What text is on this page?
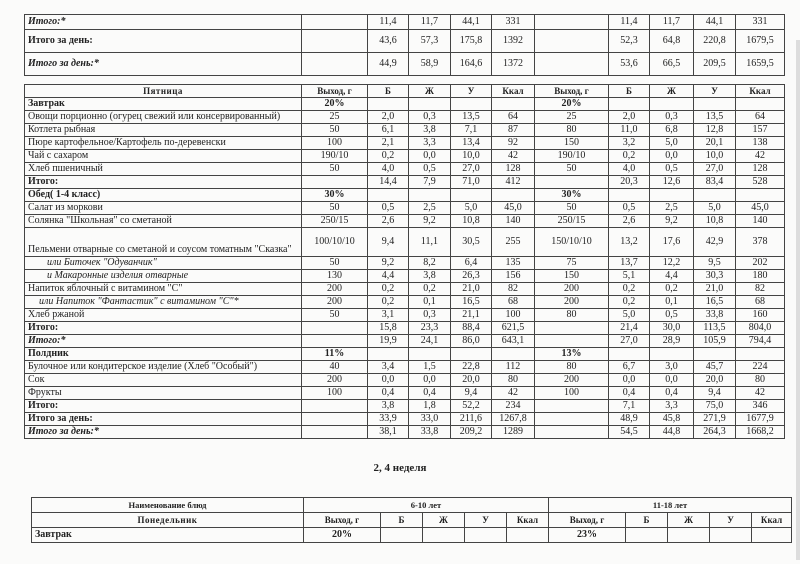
Итого:*		11,4	11,7	44,1	331		11,4	11,7	44,1	331
Итого за день:		43,6	57,3	175,8	1392		52,3	64,8	220,8	1679,5
Итого за день:*		44,9	58,9	164,6	1372		53,6	66,5	209,5	1659,5
Пятница	Выход, г	Б	Ж	У	Ккал	Выход, г	Б	Ж	У	Ккал
Завтрак	20%					20%				
Овощи порционно (огурец свежий или консервированный)	25	2,0	0,3	13,5	64	25	2,0	0,3	13,5	64
Котлета рыбная	50	6,1	3,8	7,1	87	80	11,0	6,8	12,8	157
Пюре картофельное/Картофель по-деревенски	100	2,1	3,3	13,4	92	150	3,2	5,0	20,1	138
Чай с сахаром	190/10	0,2	0,0	10,0	42	190/10	0,2	0,0	10,0	42
Хлеб пшеничный	50	4,0	0,5	27,0	128	50	4,0	0,5	27,0	128
Итого:		14,4	7,9	71,0	412		20,3	12,6	83,4	528
Обед( 1-4 класс)	30%					30%				
Салат из моркови	50	0,5	2,5	5,0	45,0	50	0,5	2,5	5,0	45,0
Солянка "Школьная" со сметаной	250/15	2,6	9,2	10,8	140	250/15	2,6	9,2	10,8	140
Пельмени отварные со сметаной и соусом томатным "Сказка"	100/10/10	9,4	11,1	30,5	255	150/10/10	13,2	17,6	42,9	378
или Биточек "Одуванчик"	50	9,2	8,2	6,4	135	75	13,7	12,2	9,5	202
и Макаронные изделия отварные	130	4,4	3,8	26,3	156	150	5,1	4,4	30,3	180
Напиток яблочный с витамином "С"	200	0,2	0,2	21,0	82	200	0,2	0,2	21,0	82
или Напиток "Фантастик" с витамином "С"*	200	0,2	0,1	16,5	68	200	0,2	0,1	16,5	68
Хлеб ржаной	50	3,1	0,3	21,1	100	80	5,0	0,5	33,8	160
Итого:		15,8	23,3	88,4	621,5		21,4	30,0	113,5	804,0
Итого:*		19,9	24,1	86,0	643,1		27,0	28,9	105,9	794,4
Полдник	11%					13%				
Булочное или кондитерское изделие (Хлеб "Особый")	40	3,4	1,5	22,8	112	80	6,7	3,0	45,7	224
Сок	200	0,0	0,0	20,0	80	200	0,0	0,0	20,0	80
Фрукты	100	0,4	0,4	9,4	42	100	0,4	0,4	9,4	42
Итого:		3,8	1,8	52,2	234		7,1	3,3	75,0	346
Итого за день:		33,9	33,0	211,6	1267,8		48,9	45,8	271,9	1677,9
Итого за день:*		38,1	33,8	209,2	1289		54,5	44,8	264,3	1668,2
2, 4 неделя
Наименование блюд	6-10 лет					11-18 лет				
Понедельник	Выход, г	Б	Ж	У	Ккал	Выход, г	Б	Ж	У	Ккал
Завтрак	20%					23%				
